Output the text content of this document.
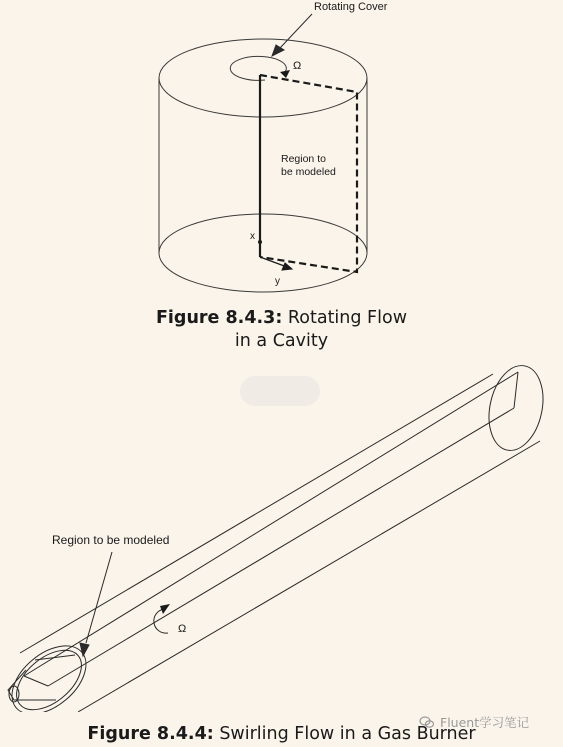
Rotating Cover
Ω
Region to
be modeled
x
y
Figure 8.4.3: Rotating Flow
in a Cavity
Region to be modeled
Ω
Figure 8.4.4: Swirling Flow in a Gas Burner
Fluent学习笔记
